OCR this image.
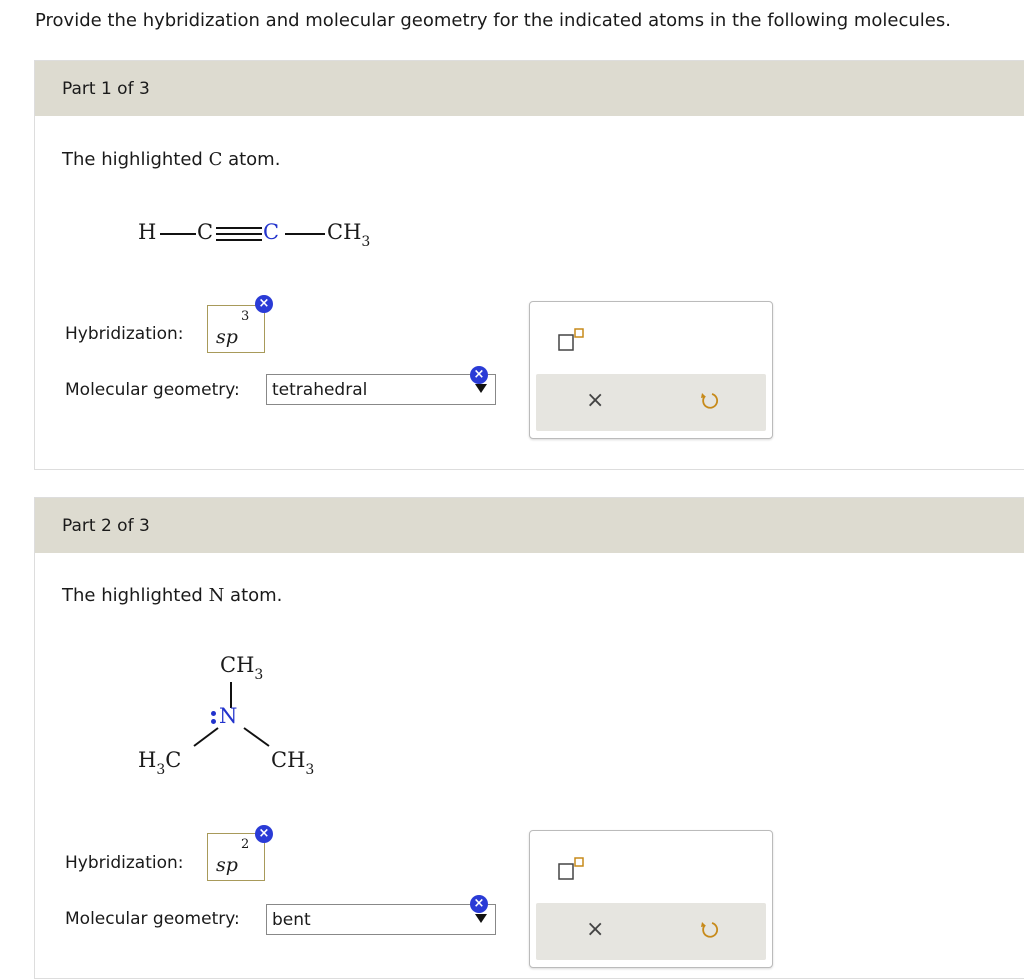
Provide the hybridization and molecular geometry for the indicated atoms in the following molecules.
Part 1 of 3
The highlighted C atom.
H C C $CH_3$
Hybridization: sp
3
×
Molecular geometry:	tetrahedral
×
×
Part 2 of 3
The highlighted N atom.
$CH_3$
N
$H_3C$	$CH_3$
Hybridization: sp
2
×
Molecular geometry:	bent
×
×
